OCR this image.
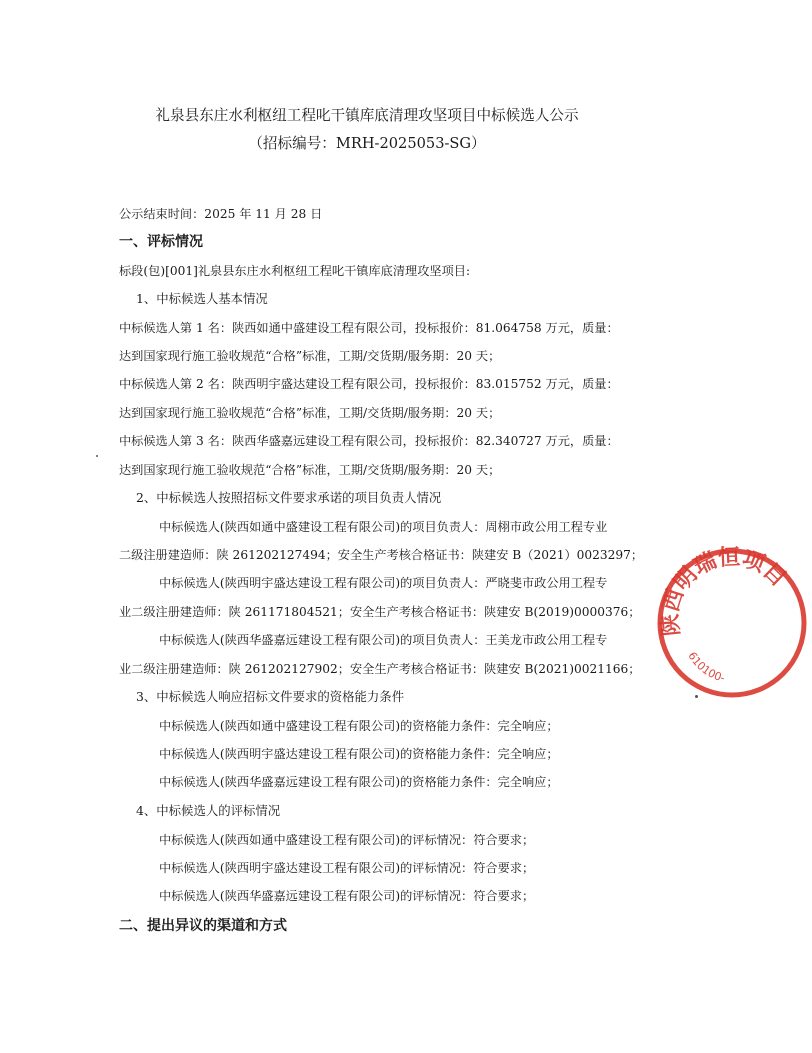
礼泉县东庄水利枢纽工程叱干镇库底清理攻坚项目中标候选人公示
（招标编号：MRH-2025053-SG）
公示结束时间：2025 年 11 月 28 日
一、评标情况
标段(包)[001]礼泉县东庄水利枢纽工程叱干镇库底清理攻坚项目:
1、中标候选人基本情况
中标候选人第 1 名：陕西如通中盛建设工程有限公司，投标报价：81.064758 万元，质量：
达到国家现行施工验收规范“合格”标准，工期/交货期/服务期：20 天；
中标候选人第 2 名：陕西明宇盛达建设工程有限公司，投标报价：83.015752 万元，质量：
达到国家现行施工验收规范“合格”标准，工期/交货期/服务期：20 天；
中标候选人第 3 名：陕西华盛嘉远建设工程有限公司，投标报价：82.340727 万元，质量：
达到国家现行施工验收规范“合格”标准，工期/交货期/服务期：20 天；
2、中标候选人按照招标文件要求承诺的项目负责人情况
中标候选人(陕西如通中盛建设工程有限公司)的项目负责人：周栩市政公用工程专业
二级注册建造师：陕 261202127494；安全生产考核合格证书：陕建安 B（2021）0023297；
中标候选人(陕西明宇盛达建设工程有限公司)的项目负责人：严晓斐市政公用工程专
业二级注册建造师：陕 261171804521；安全生产考核合格证书：陕建安 B(2019)0000376；
中标候选人(陕西华盛嘉远建设工程有限公司)的项目负责人：王美龙市政公用工程专
业二级注册建造师：陕 261202127902；安全生产考核合格证书：陕建安 B(2021)0021166；
3、中标候选人响应招标文件要求的资格能力条件
中标候选人(陕西如通中盛建设工程有限公司)的资格能力条件：完全响应；
中标候选人(陕西明宇盛达建设工程有限公司)的资格能力条件：完全响应；
中标候选人(陕西华盛嘉远建设工程有限公司)的资格能力条件：完全响应；
4、中标候选人的评标情况
中标候选人(陕西如通中盛建设工程有限公司)的评标情况：符合要求；
中标候选人(陕西明宇盛达建设工程有限公司)的评标情况：符合要求；
中标候选人(陕西华盛嘉远建设工程有限公司)的评标情况：符合要求；
二、提出异议的渠道和方式
陕西明瑞恒项目
610100-
